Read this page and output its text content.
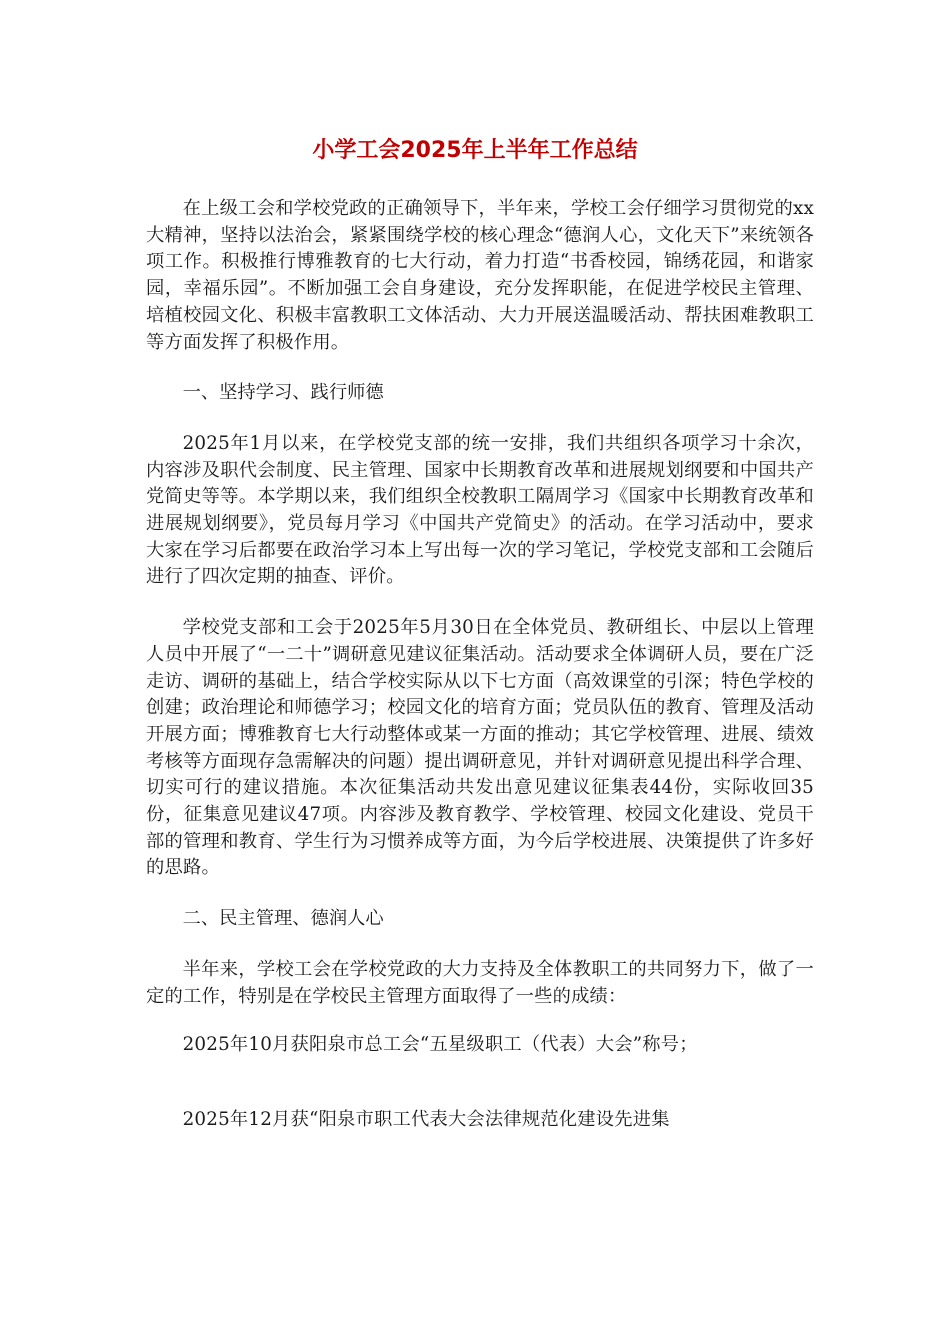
小学工会2025年上半年工作总结

在上级工会和学校党政的正确领导下，半年来，学校工会仔细学习贯彻党的xx大精神，坚持以法治会，紧紧围绕学校的核心理念“德润人心，文化天下”来统领各项工作。积极推行博雅教育的七大行动，着力打造“书香校园，锦绣花园，和谐家园，幸福乐园”。不断加强工会自身建设，充分发挥职能，在促进学校民主管理、培植校园文化、积极丰富教职工文体活动、大力开展送温暖活动、帮扶困难教职工等方面发挥了积极作用。

一、坚持学习、践行师德

2025年1月以来，在学校党支部的统一安排，我们共组织各项学习十余次，内容涉及职代会制度、民主管理、国家中长期教育改革和进展规划纲要和中国共产党简史等等。本学期以来，我们组织全校教职工隔周学习《国家中长期教育改革和进展规划纲要》，党员每月学习《中国共产党简史》的活动。在学习活动中，要求大家在学习后都要在政治学习本上写出每一次的学习笔记，学校党支部和工会随后进行了四次定期的抽查、评价。

学校党支部和工会于2025年5月30日在全体党员、教研组长、中层以上管理人员中开展了“一二十”调研意见建议征集活动。活动要求全体调研人员，要在广泛走访、调研的基础上，结合学校实际从以下七方面（高效课堂的引深；特色学校的创建；政治理论和师德学习；校园文化的培育方面；党员队伍的教育、管理及活动开展方面；博雅教育七大行动整体或某一方面的推动；其它学校管理、进展、绩效考核等方面现存急需解决的问题）提出调研意见，并针对调研意见提出科学合理、切实可行的建议措施。本次征集活动共发出意见建议征集表44份，实际收回35份，征集意见建议47项。内容涉及教育教学、学校管理、校园文化建设、党员干部的管理和教育、学生行为习惯养成等方面，为今后学校进展、决策提供了许多好的思路。

二、民主管理、德润人心

半年来，学校工会在学校党政的大力支持及全体教职工的共同努力下，做了一定的工作，特别是在学校民主管理方面取得了一些的成绩：

2025年10月获阳泉市总工会“五星级职工（代表）大会”称号；

2025年12月获“阳泉市职工代表大会法律规范化建设先进集
